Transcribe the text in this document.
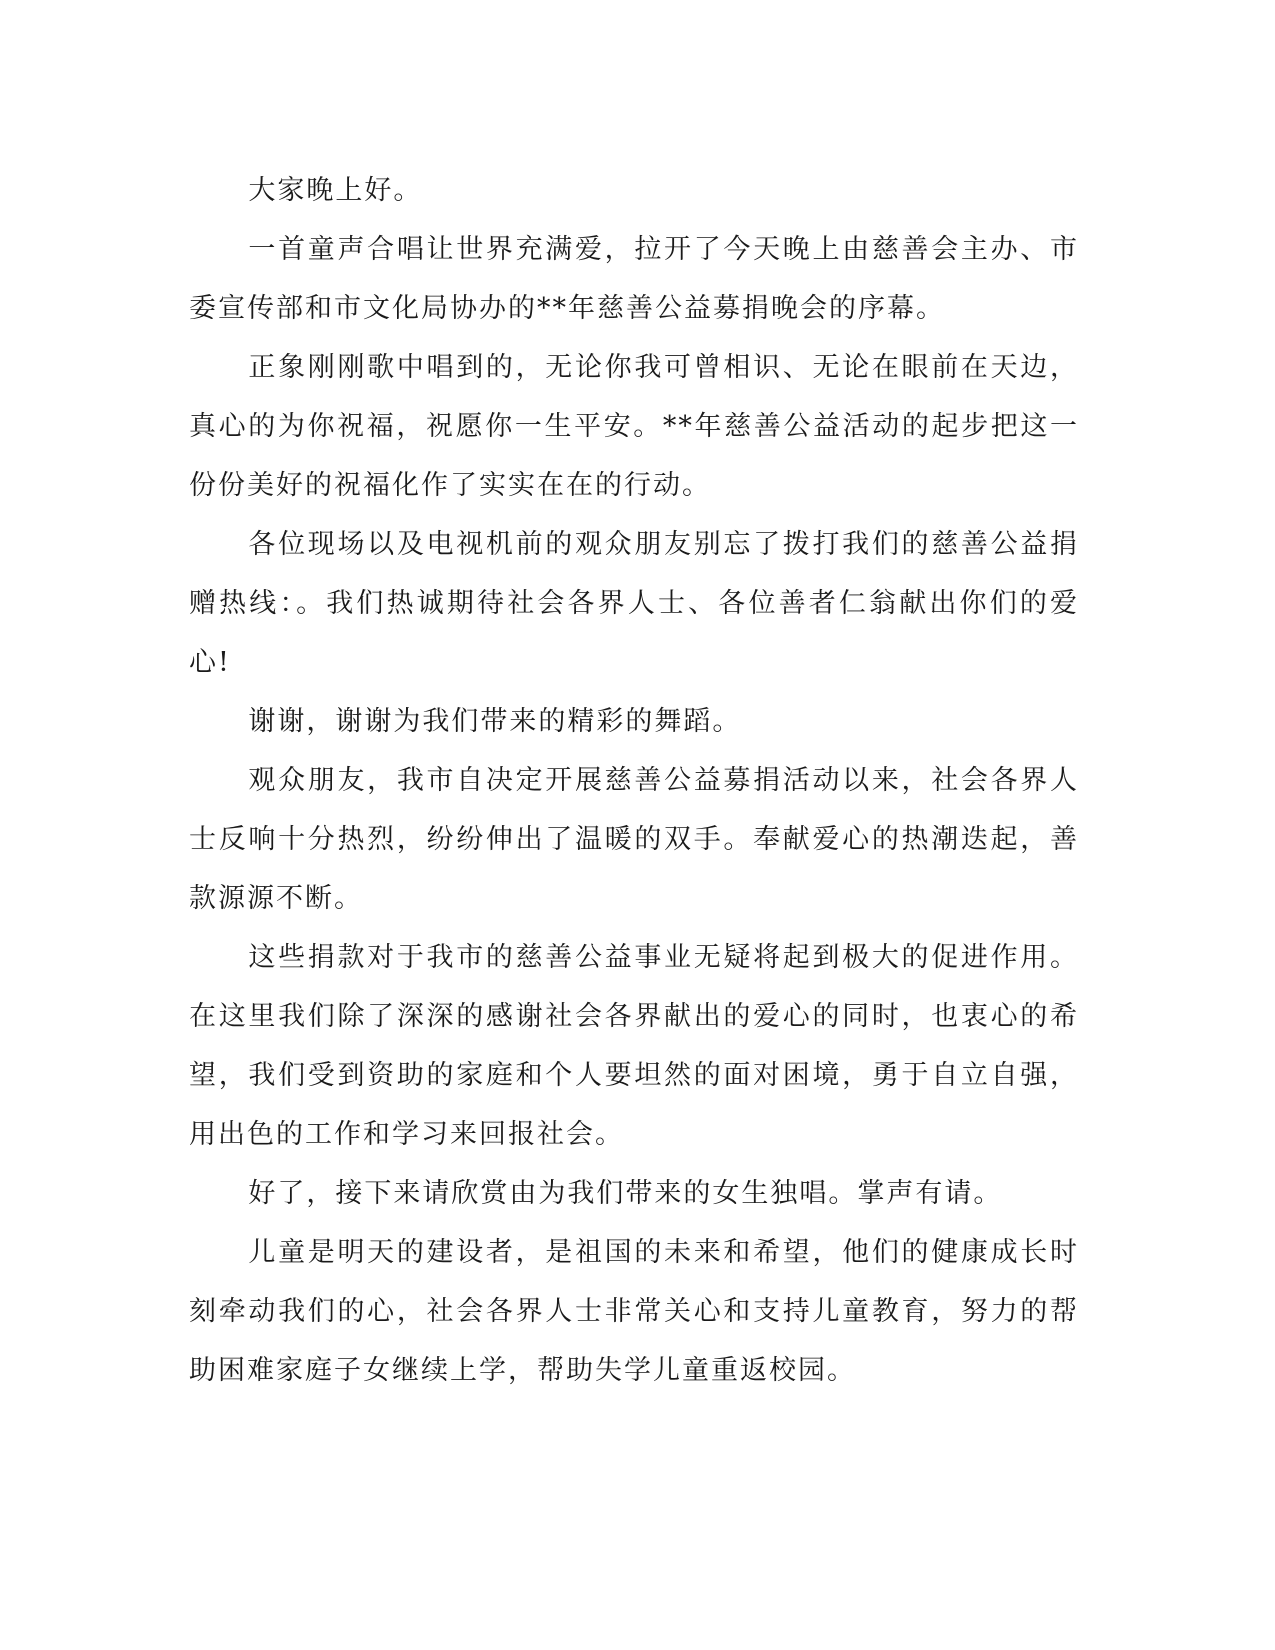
大家晚上好。

一首童声合唱让世界充满爱，拉开了今天晚上由慈善会主办、市委宣传部和市文化局协办的**年慈善公益募捐晚会的序幕。

正象刚刚歌中唱到的，无论你我可曾相识、无论在眼前在天边，真心的为你祝福，祝愿你一生平安。**年慈善公益活动的起步把这一份份美好的祝福化作了实实在在的行动。

各位现场以及电视机前的观众朋友别忘了拨打我们的慈善公益捐赠热线：。我们热诚期待社会各界人士、各位善者仁翁献出你们的爱心!

谢谢，谢谢为我们带来的精彩的舞蹈。

观众朋友，我市自决定开展慈善公益募捐活动以来，社会各界人士反响十分热烈，纷纷伸出了温暖的双手。奉献爱心的热潮迭起，善款源源不断。

这些捐款对于我市的慈善公益事业无疑将起到极大的促进作用。在这里我们除了深深的感谢社会各界献出的爱心的同时，也衷心的希望，我们受到资助的家庭和个人要坦然的面对困境，勇于自立自强，用出色的工作和学习来回报社会。

好了，接下来请欣赏由为我们带来的女生独唱。掌声有请。

儿童是明天的建设者，是祖国的未来和希望，他们的健康成长时刻牵动我们的心，社会各界人士非常关心和支持儿童教育，努力的帮助困难家庭子女继续上学，帮助失学儿童重返校园。
